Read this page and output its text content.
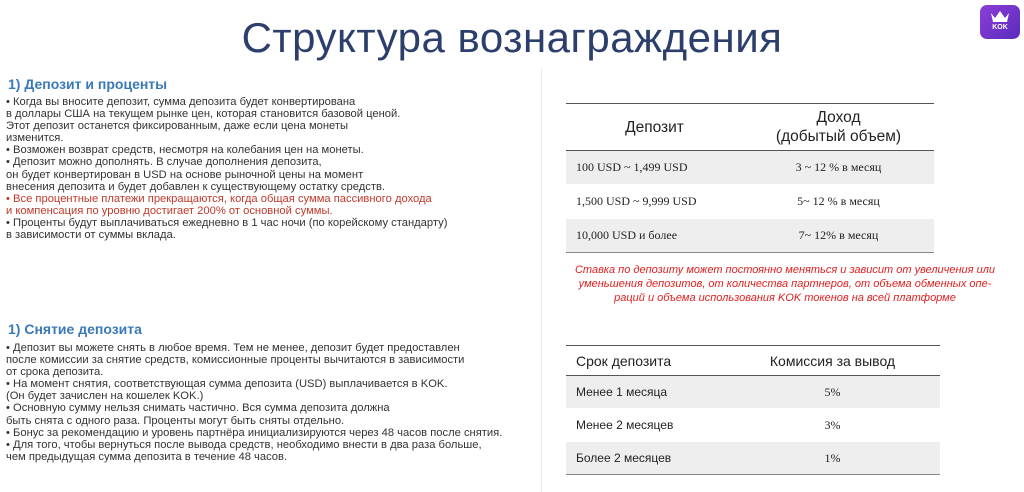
Структура вознаграждения	KOK
1) Депозит и проценты
• Когда вы вносите депозит, сумма депозита будет конвертирована
в доллары США на текущем рынке цен, которая становится базовой ценой.
Этот депозит останется фиксированным, даже если цена монеты
изменится.
• Возможен возврат средств, несмотря на колебания цен на монеты.
• Депозит можно дополнять. В случае дополнения депозита,
он будет конвертирован в USD на основе рыночной цены на момент
внесения депозита и будет добавлен к существующему остатку средств.
• Все процентные платежи прекращаются, когда общая сумма пассивного дохода
и компенсация по уровню достигает 200% от основной суммы.
• Проценты будут выплачиваться ежедневно в 1 час ночи (по корейскому стандарту)
в зависимости от суммы вклада.
1) Снятие депозита
• Депозит вы можете снять в любое время. Тем не менее, депозит будет предоставлен
после комиссии за снятие средств, комиссионные проценты вычитаются в зависимости
от срока депозита.
• На момент снятия, соответствующая сумма депозита (USD) выплачивается в KOK.
(Он будет зачислен на кошелек KOK.)
• Основную сумму нельзя снимать частично. Вся сумма депозита должна
быть снята с одного раза. Проценты могут быть сняты отдельно.
• Бонус за рекомендацию и уровень партнёра инициализируются через 48 часов после снятия.
• Для того, чтобы вернуться после вывода средств, необходимо внести в два раза больше,
чем предыдущая сумма депозита в течение 48 часов.
Депозит	Доход
(добытый объем)
100 USD ~ 1,499 USD	3 ~ 12 % в месяц
1,500 USD ~ 9,999 USD	5~ 12 % в месяц
10,000 USD и более	7~ 12% в месяц
Ставка по депозиту может постоянно меняться и зависит от увеличения или
уменьшения депозитов, от количества партнеров, от объема обменных опе-
раций и объема использования KOK токенов на всей платформе
Срок депозита	Комиссия за вывод
Менее 1 месяца	5%
Менее 2 месяцев	3%
Более 2 месяцев	1%
